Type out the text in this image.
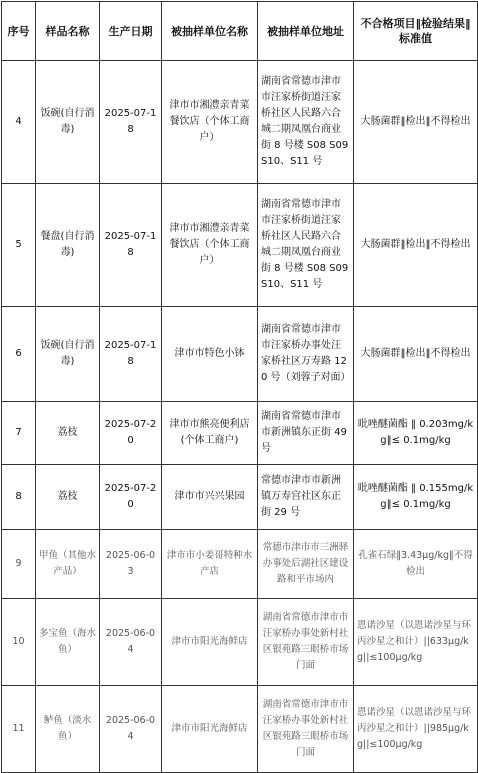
序号	样品名称	生产日期	被抽样单位名称	被抽样单位地址	不合格项目‖检验结果‖标准值
4	饭碗(自行消毒)	2025-07-18	津市市湘澧亲青菜餐饮店（个体工商户）	湖南省常德市津市市汪家桥街道汪家桥社区人民路六合城二期凤凰台商业街 8 号楼 S08 S09 S10、S11 号	大肠菌群‖检出‖不得检出
5	餐盘(自行消毒)	2025-07-18	津市市湘澧亲青菜餐饮店（个体工商户）	湖南省常德市津市市汪家桥街道汪家桥社区人民路六合城二期凤凰台商业街 8 号楼 S08 S09 S10、S11 号	大肠菌群‖检出‖不得检出
6	饭碗(自行消毒)	2025-07-18	津市市特色小钵	湖南省常德市津市市汪家桥办事处汪家桥社区万寿路 120 号（刘蓉子对面）	大肠菌群‖检出‖不得检出
7	荔枝	2025-07-20	津市市熊亮便利店(个体工商户)	湖南省常德市津市市新洲镇东正街 49 号	吡唑醚菌酯 ‖ 0.203mg/kg‖≤ 0.1mg/kg
8	荔枝	2025-07-20	津市市兴兴果园	常德市津市市新洲镇万寿宫社区东正街 29 号	吡唑醚菌酯 ‖ 0.155mg/kg‖≤ 0.1mg/kg
9	甲鱼（其他水产品）	2025-06-03	津市市小姜哥特种水产店	常德市津市市三洲驿办事处后湖社区建设路和平市场内	孔雀石绿‖3.43μg/kg‖不得检出
10	多宝鱼（海水鱼）	2025-06-04	津市市阳光海鲜店	湖南省常德市津市市汪家桥办事处新村社区银苑路三眼桥市场门面	恩诺沙星（以恩诺沙星与环丙沙星之和计）||633μg/kg||≤100μg/kg
11	鲈鱼（淡水鱼）	2025-06-04	津市市阳光海鲜店	湖南省常德市津市市汪家桥办事处新村社区银苑路三眼桥市场门面	恩诺沙星（以恩诺沙星与环丙沙星之和计）||985μg/kg||≤100μg/kg
